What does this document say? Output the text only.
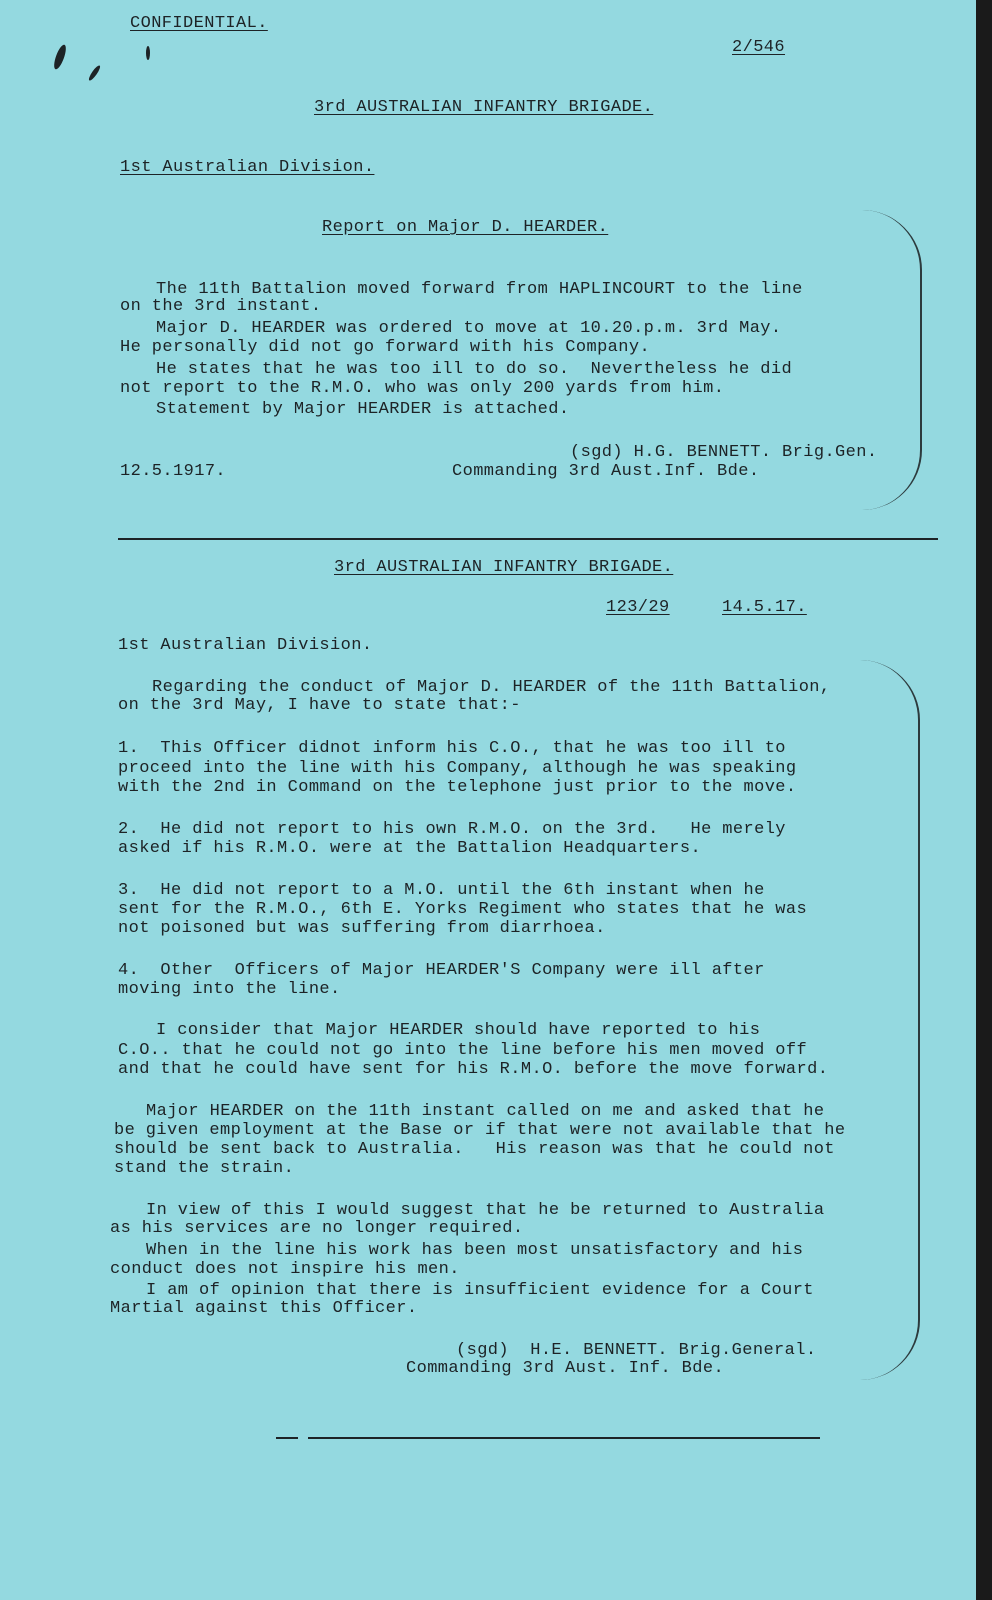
CONFIDENTIAL.
2/546
3rd AUSTRALIAN INFANTRY BRIGADE.
1st Australian Division.
Report on Major D. HEARDER.
The 11th Battalion moved forward from HAPLINCOURT to the line
on the 3rd instant.
Major D. HEARDER was ordered to move at 10.20.p.m. 3rd May.
He personally did not go forward with his Company.
He states that he was too ill to do so.  Nevertheless he did
not report to the R.M.O. who was only 200 yards from him.
Statement by Major HEARDER is attached.
(sgd) H.G. BENNETT. Brig.Gen.
12.5.1917.	Commanding 3rd Aust.Inf. Bde.
3rd AUSTRALIAN INFANTRY BRIGADE.
123/29	14.5.17.
1st Australian Division.
Regarding the conduct of Major D. HEARDER of the 11th Battalion,
on the 3rd May, I have to state that:-
1.  This Officer didnot inform his C.O., that he was too ill to
proceed into the line with his Company, although he was speaking
with the 2nd in Command on the telephone just prior to the move.
2.  He did not report to his own R.M.O. on the 3rd.   He merely
asked if his R.M.O. were at the Battalion Headquarters.
3.  He did not report to a M.O. until the 6th instant when he
sent for the R.M.O., 6th E. Yorks Regiment who states that he was
not poisoned but was suffering from diarrhoea.
4.  Other  Officers of Major HEARDER'S Company were ill after
moving into the line.
I consider that Major HEARDER should have reported to his
C.O.. that he could not go into the line before his men moved off
and that he could have sent for his R.M.O. before the move forward.
Major HEARDER on the 11th instant called on me and asked that he
be given employment at the Base or if that were not available that he
should be sent back to Australia.   His reason was that he could not
stand the strain.
In view of this I would suggest that he be returned to Australia
as his services are no longer required.
When in the line his work has been most unsatisfactory and his
conduct does not inspire his men.
I am of opinion that there is insufficient evidence for a Court
Martial against this Officer.
(sgd)  H.E. BENNETT. Brig.General.
Commanding 3rd Aust. Inf. Bde.
